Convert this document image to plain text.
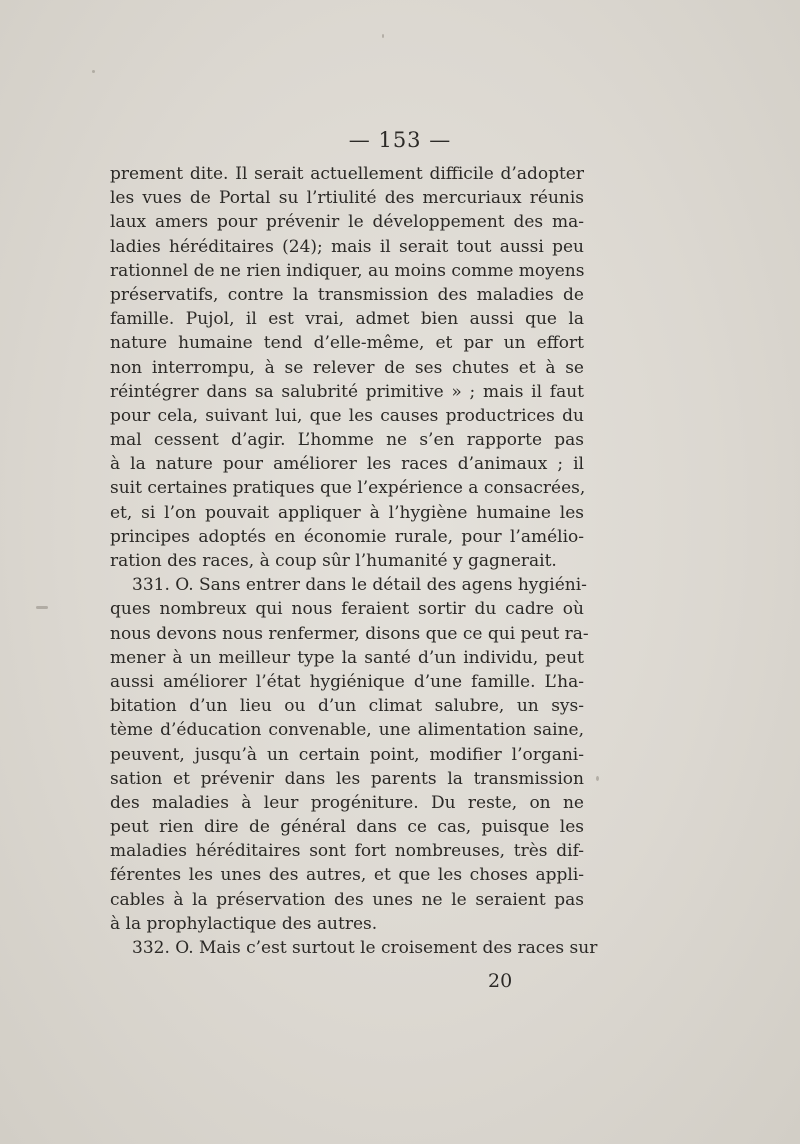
— 153 —
prement dite. Il serait actuellement difficile d’adopter
les vues de Portal su l’rtiulité des mercuriaux réunis
laux amers pour prévenir le développement des ma-
ladies héréditaires (24); mais il serait tout aussi peu
rationnel de ne rien indiquer, au moins comme moyens
préservatifs, contre la transmission des maladies de
famille. Pujol, il est vrai, admet bien aussi que la
nature humaine tend d’elle-même, et par un effort
non interrompu, à se relever de ses chutes et à se
réintégrer dans sa salubrité primitive » ; mais il faut
pour cela, suivant lui, que les causes productrices du
mal cessent d’agir. L’homme ne s’en rapporte pas
à la nature pour améliorer les races d’animaux ; il
suit certaines pratiques que l’expérience a consacrées,
et, si l’on pouvait appliquer à l’hygiène humaine les
principes adoptés en économie rurale, pour l’amélio-
ration des races, à coup sûr l’humanité y gagnerait.
331. O. Sans entrer dans le détail des agens hygiéni-
ques nombreux qui nous feraient sortir du cadre où
nous devons nous renfermer, disons que ce qui peut ra-
mener à un meilleur type la santé d’un individu, peut
aussi améliorer l’état hygiénique d’une famille. L’ha-
bitation d’un lieu ou d’un climat salubre, un sys-
tème d’éducation convenable, une alimentation saine,
peuvent, jusqu’à un certain point, modifier l’organi-
sation et prévenir dans les parents la transmission
des maladies à leur progéniture. Du reste, on ne
peut rien dire de général dans ce cas, puisque les
maladies héréditaires sont fort nombreuses, très dif-
férentes les unes des autres, et que les choses appli-
cables à la préservation des unes ne le seraient pas
à la prophylactique des autres.
332. O. Mais c’est surtout le croisement des races sur
20
